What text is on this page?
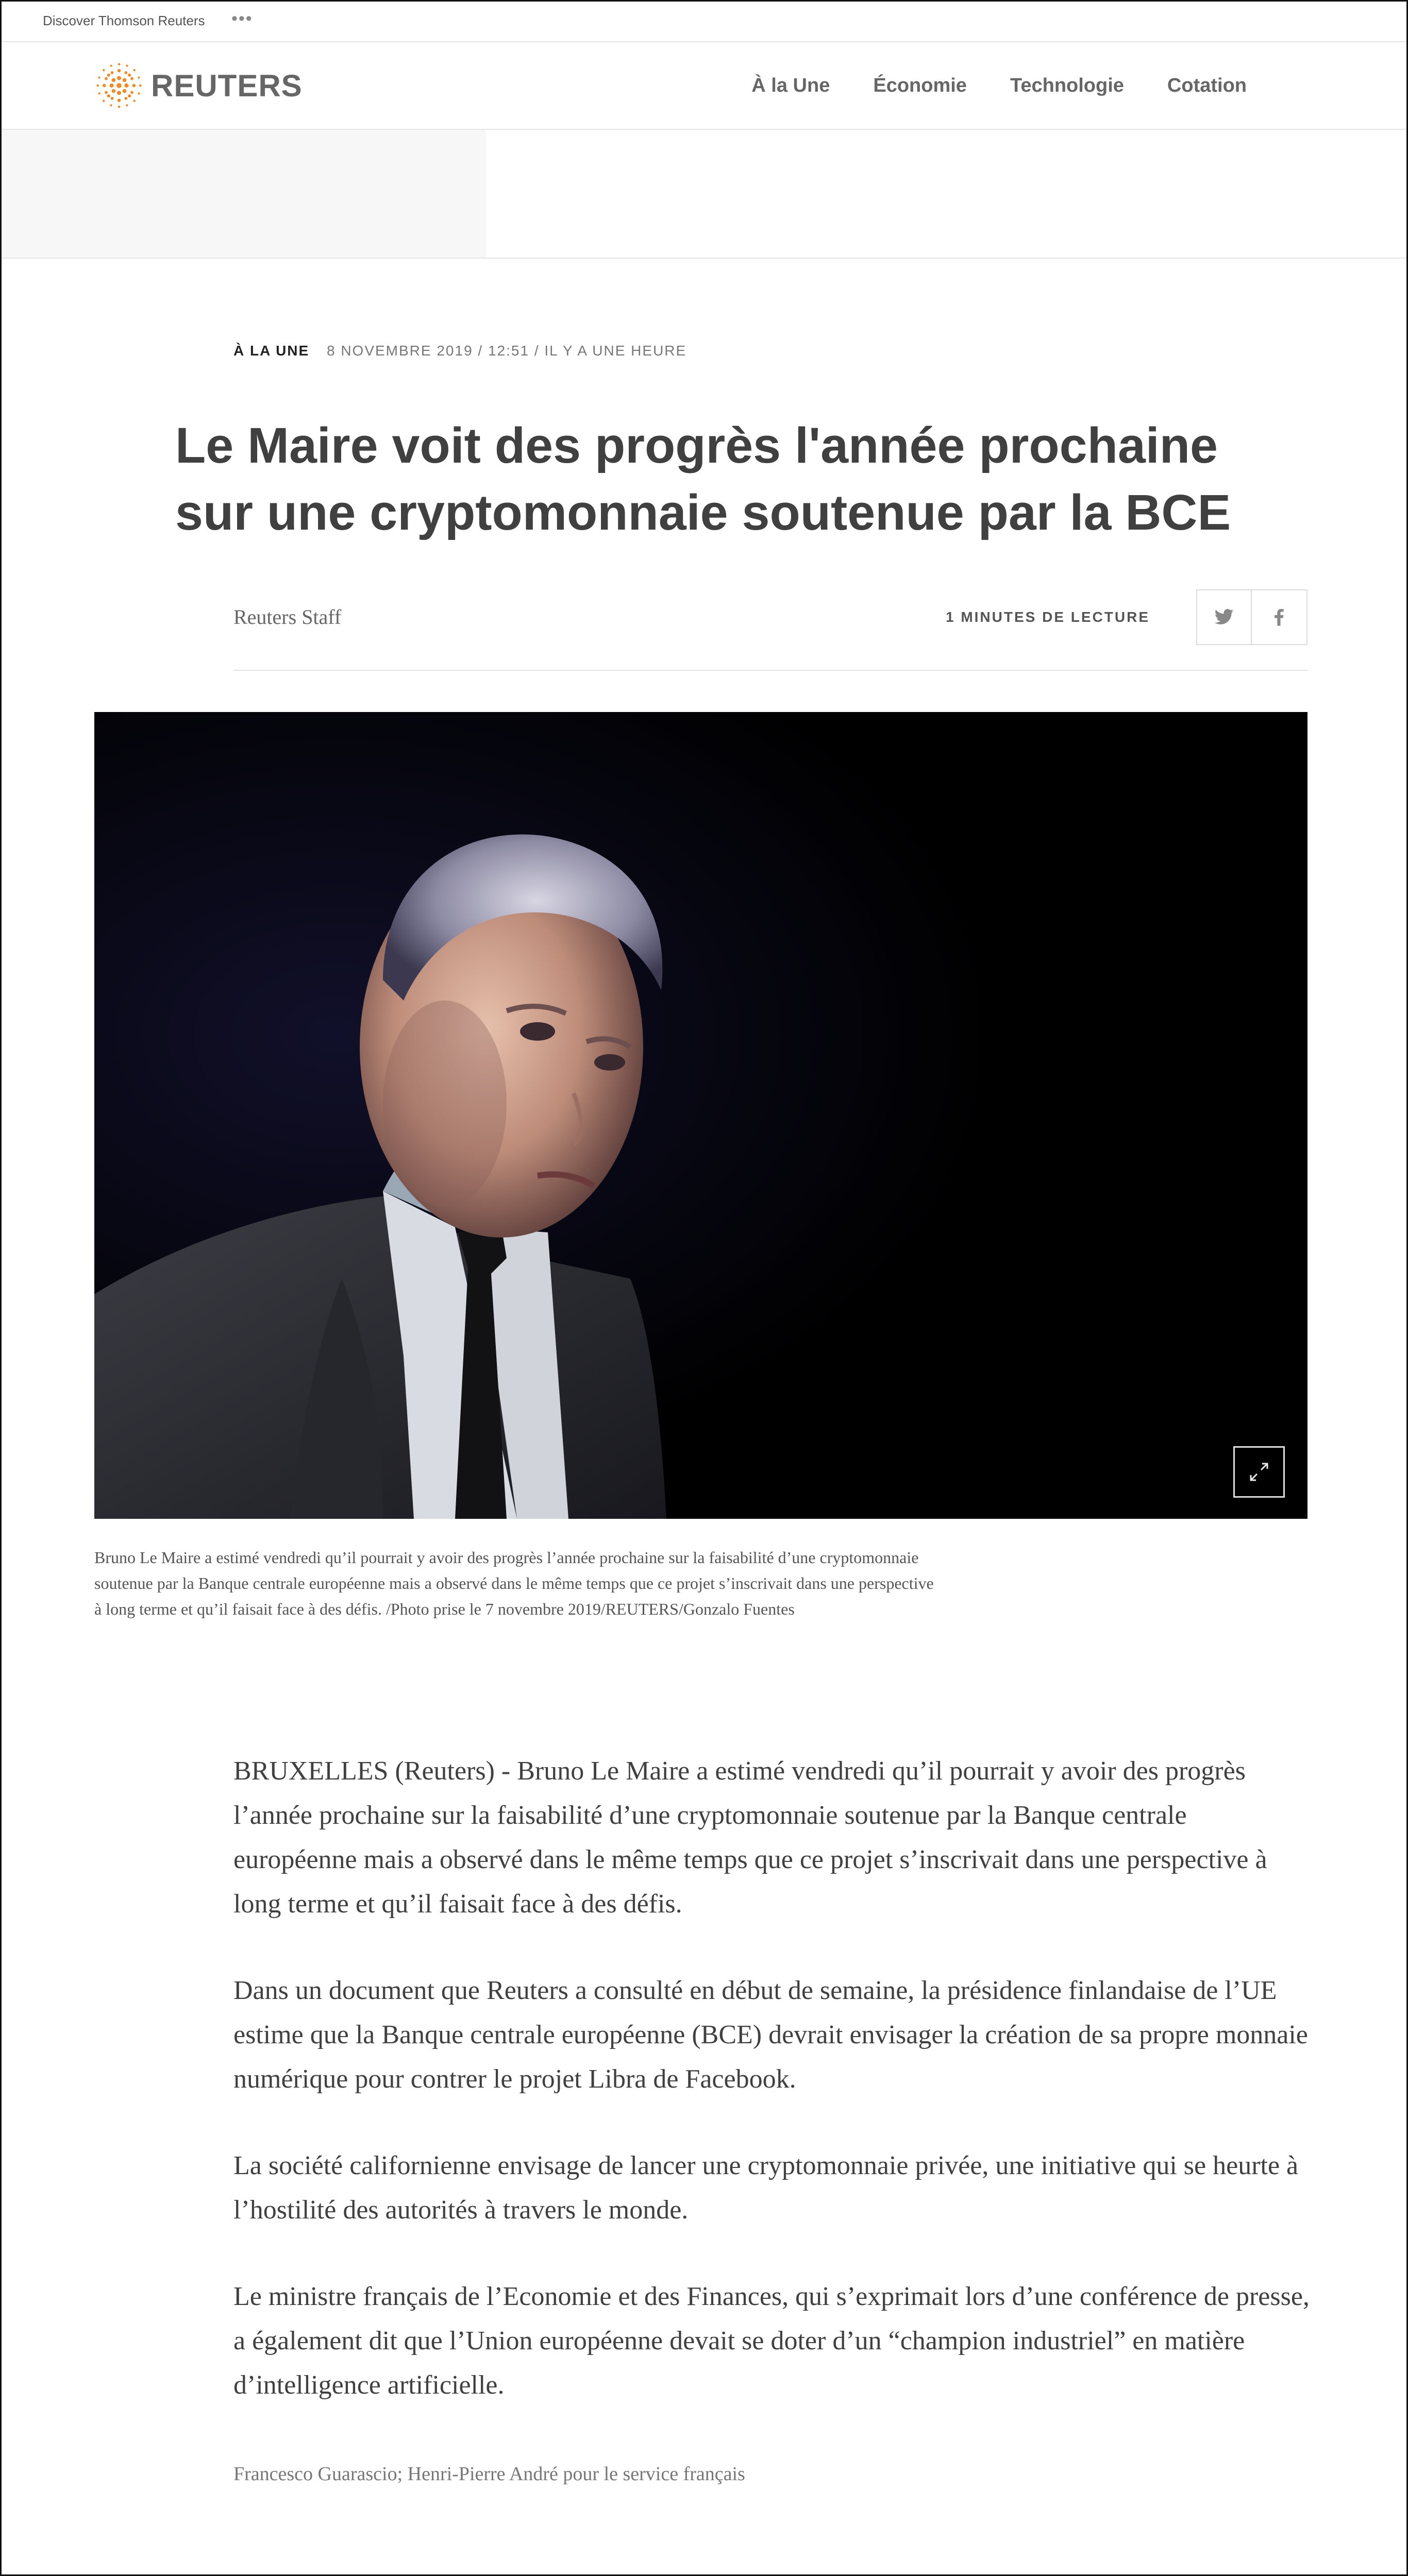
Discover Thomson Reuters •••
REUTERS	À la Une Économie Technologie Cotation
À LA UNE 8 NOVEMBRE 2019 / 12:51 / IL Y A UNE HEURE
Le Maire voit des progrès l'année prochaine sur une cryptomonnaie soutenue par la BCE
Reuters Staff	1 MINUTES DE LECTURE

Bruno Le Maire a estimé vendredi qu’il pourrait y avoir des progrès l’année prochaine sur la faisabilité d’une cryptomonnaie soutenue par la Banque centrale européenne mais a observé dans le même temps que ce projet s’inscrivait dans une perspective à long terme et qu’il faisait face à des défis. /Photo prise le 7 novembre 2019/REUTERS/Gonzalo Fuentes

BRUXELLES (Reuters) - Bruno Le Maire a estimé vendredi qu’il pourrait y avoir des progrès l’année prochaine sur la faisabilité d’une cryptomonnaie soutenue par la Banque centrale européenne mais a observé dans le même temps que ce projet s’inscrivait dans une perspective à long terme et qu’il faisait face à des défis.

Dans un document que Reuters a consulté en début de semaine, la présidence finlandaise de l’UE estime que la Banque centrale européenne (BCE) devrait envisager la création de sa propre monnaie numérique pour contrer le projet Libra de Facebook.

La société californienne envisage de lancer une cryptomonnaie privée, une initiative qui se heurte à l’hostilité des autorités à travers le monde.

Le ministre français de l’Economie et des Finances, qui s’exprimait lors d’une conférence de presse, a également dit que l’Union européenne devait se doter d’un “champion industriel” en matière d’intelligence artificielle.

Francesco Guarascio; Henri-Pierre André pour le service français
